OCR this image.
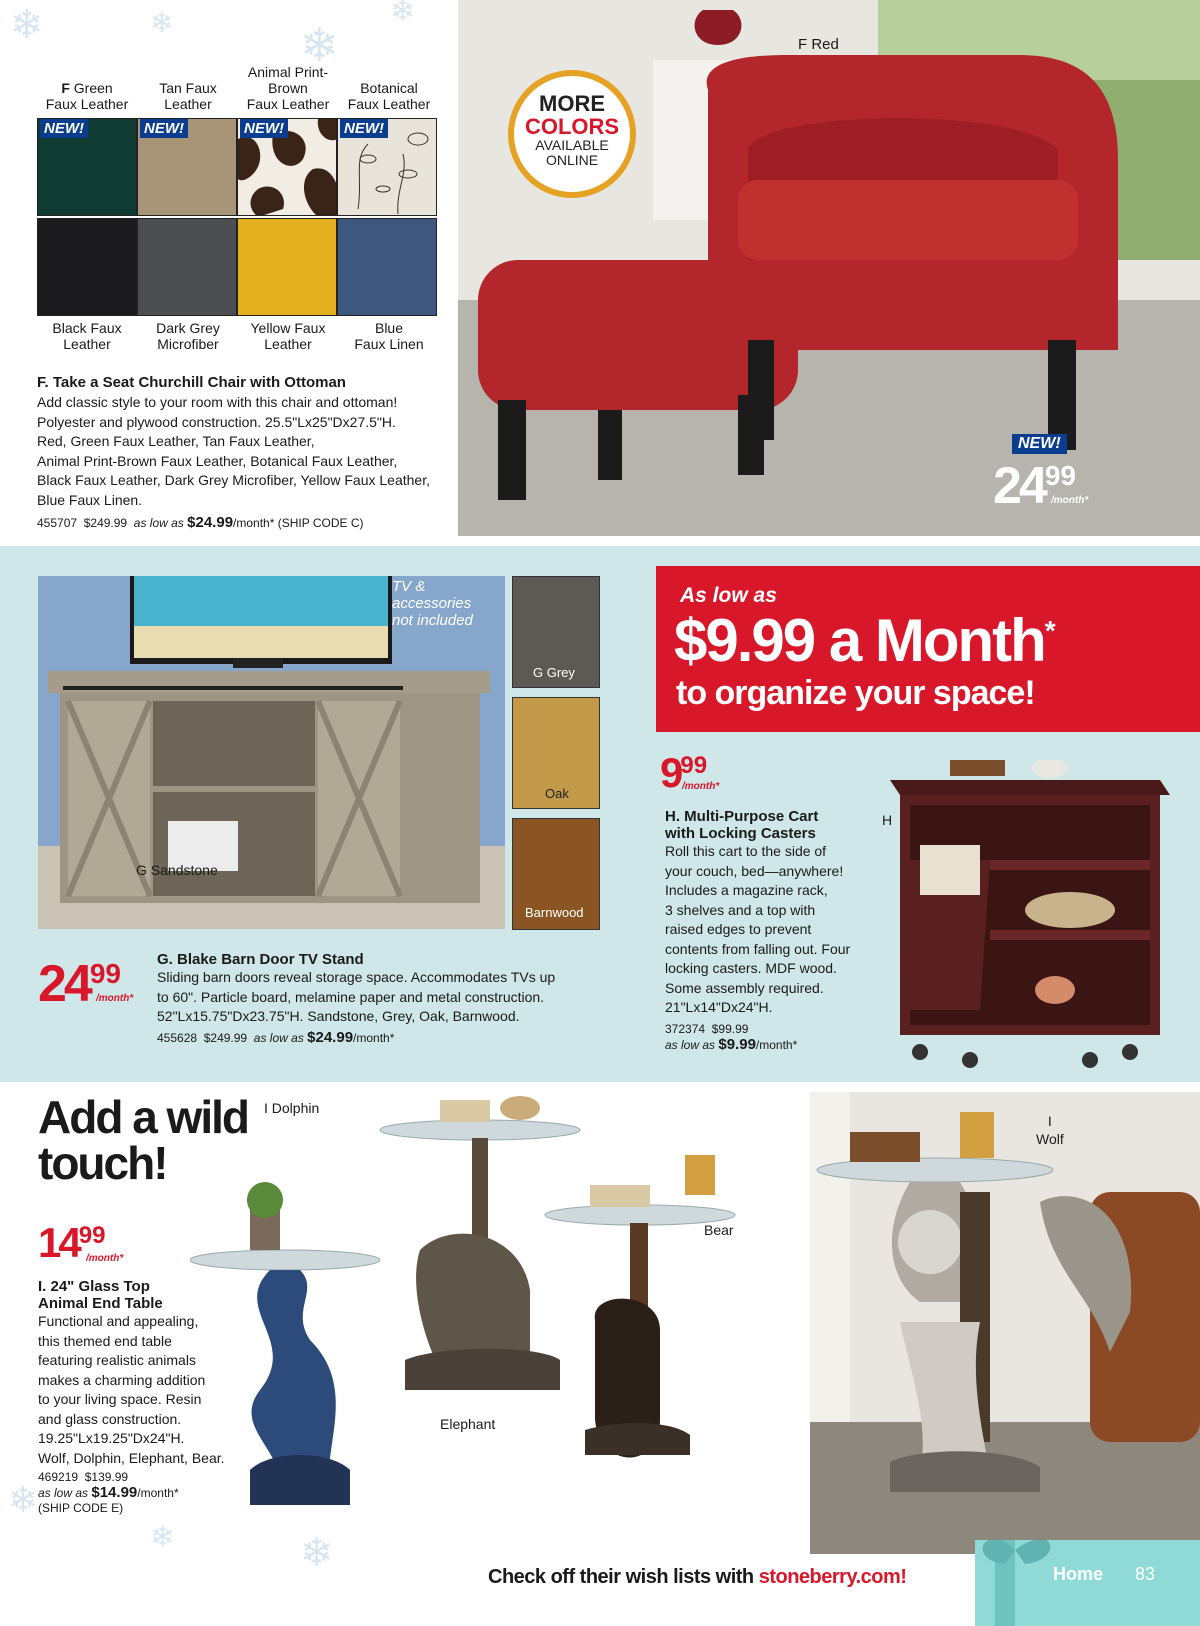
❄	❄	❄
❄
❄
❄	❄
F Green
Faux Leather
Tan Faux
Leather
Animal Print-
Brown
Faux Leather
Botanical
Faux Leather
NEW!	NEW!	NEW!	NEW!
Black Faux
Leather
Dark Grey
Microfiber
Yellow Faux
Leather
Blue
Faux Linen
F. Take a Seat Churchill Chair with Ottoman
Add classic style to your room with this chair and ottoman!
Polyester and plywood construction. 25.5"Lx25"Dx27.5"H.
Red, Green Faux Leather, Tan Faux Leather,
Animal Print-Brown Faux Leather, Botanical Faux Leather,
Black Faux Leather, Dark Grey Microfiber, Yellow Faux Leather,
Blue Faux Linen.
455707 $249.99 as low as $24.99/month* (SHIP CODE C)
F Red
MORE
COLORS
AVAILABLE
ONLINE
NEW!
2499
/month*
TV &
accessories
not included
G Sandstone
G Grey
Oak
Barnwood
2499
/month*
G. Blake Barn Door TV Stand
Sliding barn doors reveal storage space. Accommodates TVs up
to 60". Particle board, melamine paper and metal construction.
52"Lx15.75"Dx23.75"H. Sandstone, Grey, Oak, Barnwood.
455628 $249.99 as low as $24.99/month*
As low as
$9.99 a Month*
to organize your space!
999
/month*
H. Multi-Purpose Cart
with Locking Casters
Roll this cart to the side of
your couch, bed—anywhere!
Includes a magazine rack,
3 shelves and a top with
raised edges to prevent
contents from falling out. Four
locking casters. MDF wood.
Some assembly required.
21"Lx14"Dx24"H.
372374 $99.99
as low as $9.99/month*
H
Add a wild
touch!
1499
/month*
I. 24" Glass Top
Animal End Table
Functional and appealing,
this themed end table
featuring realistic animals
makes a charming addition
to your living space. Resin
and glass construction.
19.25"Lx19.25"Dx24"H.
Wolf, Dolphin, Elephant, Bear.
469219 $139.99
as low as $14.99/month*
(SHIP CODE E)
I Dolphin
Bear
Elephant
I
Wolf
Check off their wish lists with stoneberry.com!	Home 83
